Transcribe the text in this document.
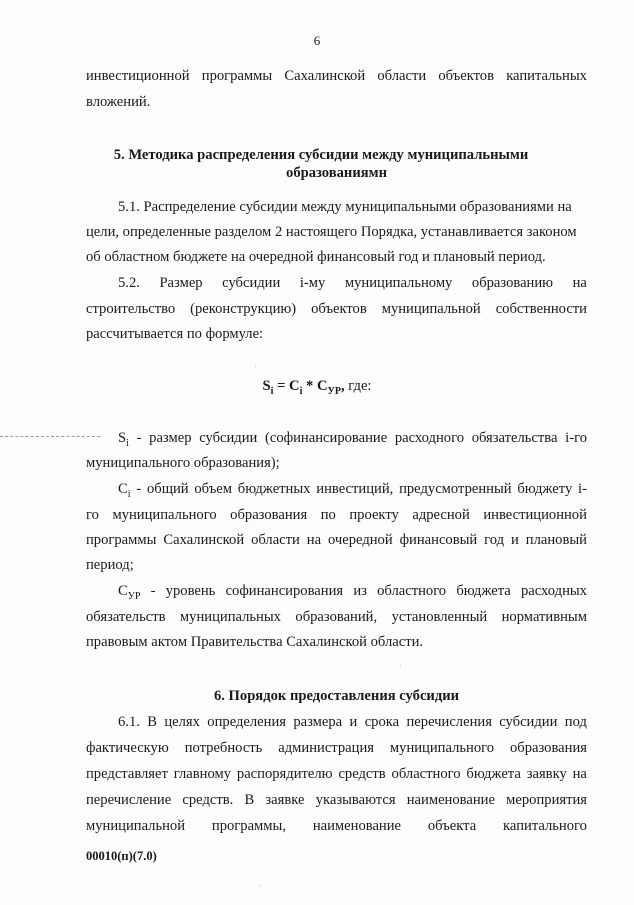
6
инвестиционной программы Сахалинской области объектов капитальных
вложений.
5. Методика распределения субсидии между муниципальными
образованиямн
5.1. Распределение субсидии между муниципальными образованиями на
цели, определенные разделом 2 настоящего Порядка, устанавливается законом
об областном бюджете на очередной финансовый год и плановый период.
5.2. Размер субсидии i-му муниципальному образованию на
строительство (реконструкцию) объектов муниципальной собственности
рассчитывается по формуле:
$S_i = C_i * C_{УР}$, где:
$S_i$ - размер субсидии (софинансирование расходного обязательства i-го
муниципального образования);
$C_i$ - общий объем бюджетных инвестиций, предусмотренный бюджету i-
го муниципального образования по проекту адресной инвестиционной
программы Сахалинской области на очередной финансовый год и плановый
период;
$C_{УР}$ - уровень софинансирования из областного бюджета расходных
обязательств муниципальных образований, установленный нормативным
правовым актом Правительства Сахалинской области.
6. Порядок предоставления субсидии
6.1. В целях определения размера и срока перечисления субсидии под
фактическую потребность администрация муниципального образования
представляет главному распорядителю средств областного бюджета заявку на
перечисление средств. В заявке указываются наименование мероприятия
муниципальной программы, наименование объекта капитального
00010(п)(7.0)
